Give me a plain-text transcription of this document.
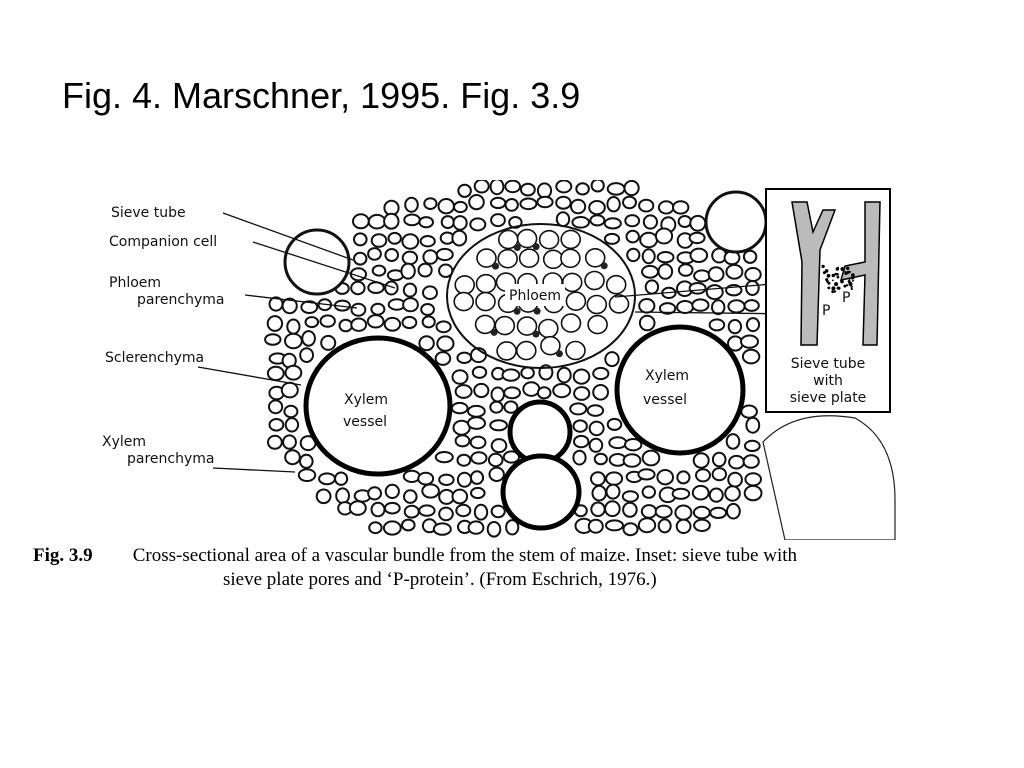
Fig. 4. Marschner, 1995. Fig. 3.9
Sieve tube
Companion cell
Phloem
parenchyma
Sclerenchyma
Xylem
parenchyma
Phloem
Xylem
vessel
Xylem
vessel
P
P
Sieve tube
with
sieve plate
Fig. 3.9 Cross-sectional area of a vascular bundle from the stem of maize. Inset: sieve tube with
sieve plate pores and ‘P-protein’. (From Eschrich, 1976.)
